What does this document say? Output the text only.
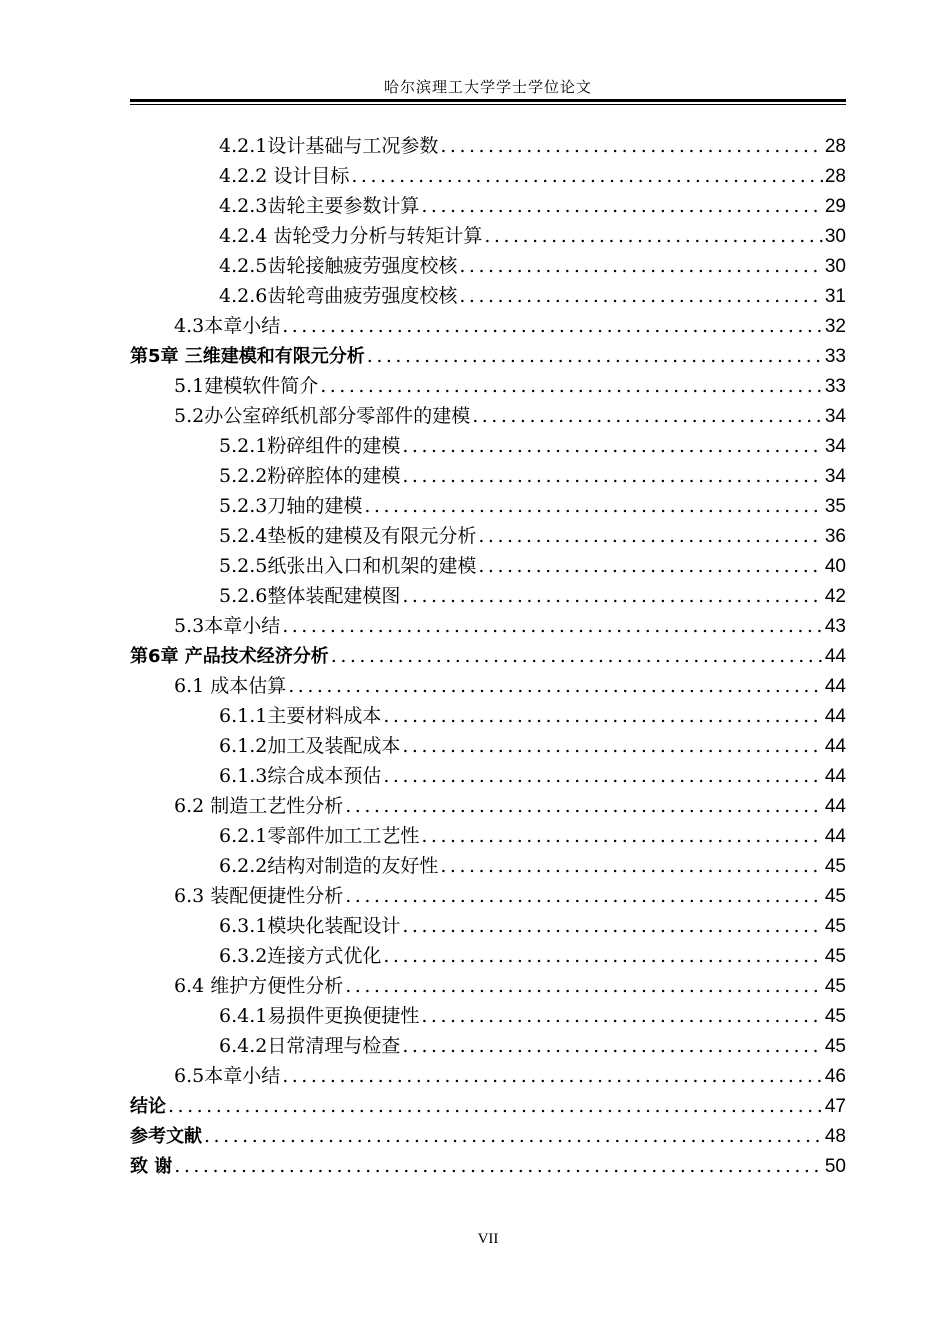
哈尔滨理工大学学士学位论文
4.2.1设计基础与工况参数 .....	28
4.2.2 设计目标 .....	28
4.2.3齿轮主要参数计算 .....	29
4.2.4 齿轮受力分析与转矩计算 .....	30
4.2.5齿轮接触疲劳强度校核 .....	30
4.2.6齿轮弯曲疲劳强度校核 .....	31
4.3本章小结 .....	32
第5章 三维建模和有限元分析 .....	33
5.1建模软件简介 .....	33
5.2办公室碎纸机部分零部件的建模 .....	34
5.2.1粉碎组件的建模 .....	34
5.2.2粉碎腔体的建模 .....	34
5.2.3刀轴的建模 .....	35
5.2.4垫板的建模及有限元分析 .....	36
5.2.5纸张出入口和机架的建模 .....	40
5.2.6整体装配建模图 .....	42
5.3本章小结 .....	43
第6章 产品技术经济分析 .....	44
6.1 成本估算 .....	44
6.1.1主要材料成本 .....	44
6.1.2加工及装配成本 .....	44
6.1.3综合成本预估 .....	44
6.2 制造工艺性分析 .....	44
6.2.1零部件加工工艺性 .....	44
6.2.2结构对制造的友好性 .....	45
6.3 装配便捷性分析 .....	45
6.3.1模块化装配设计 .....	45
6.3.2连接方式优化 .....	45
6.4 维护方便性分析 .....	45
6.4.1易损件更换便捷性 .....	45
6.4.2日常清理与检查 .....	45
6.5本章小结 .....	46
结论 .....	47
参考文献 .....	48
致 谢 .....	50
VII
